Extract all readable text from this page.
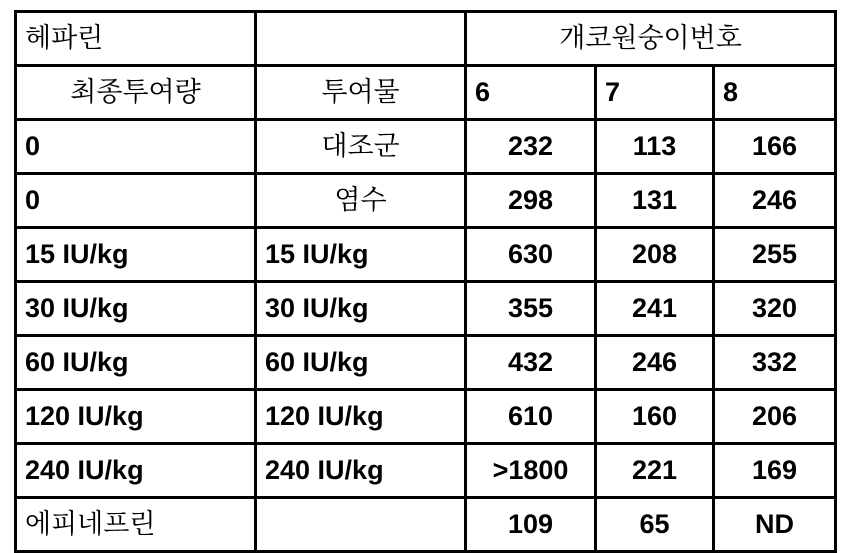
헤파린		개코원숭이번호		
최종투여량	투여물	6	7	8
0	대조군	232	113	166
0	염수	298	131	246
15 IU/kg	15 IU/kg	630	208	255
30 IU/kg	30 IU/kg	355	241	320
60 IU/kg	60 IU/kg	432	246	332
120 IU/kg	120 IU/kg	610	160	206
240 IU/kg	240 IU/kg	>1800	221	169
에피네프린		109	65	ND
